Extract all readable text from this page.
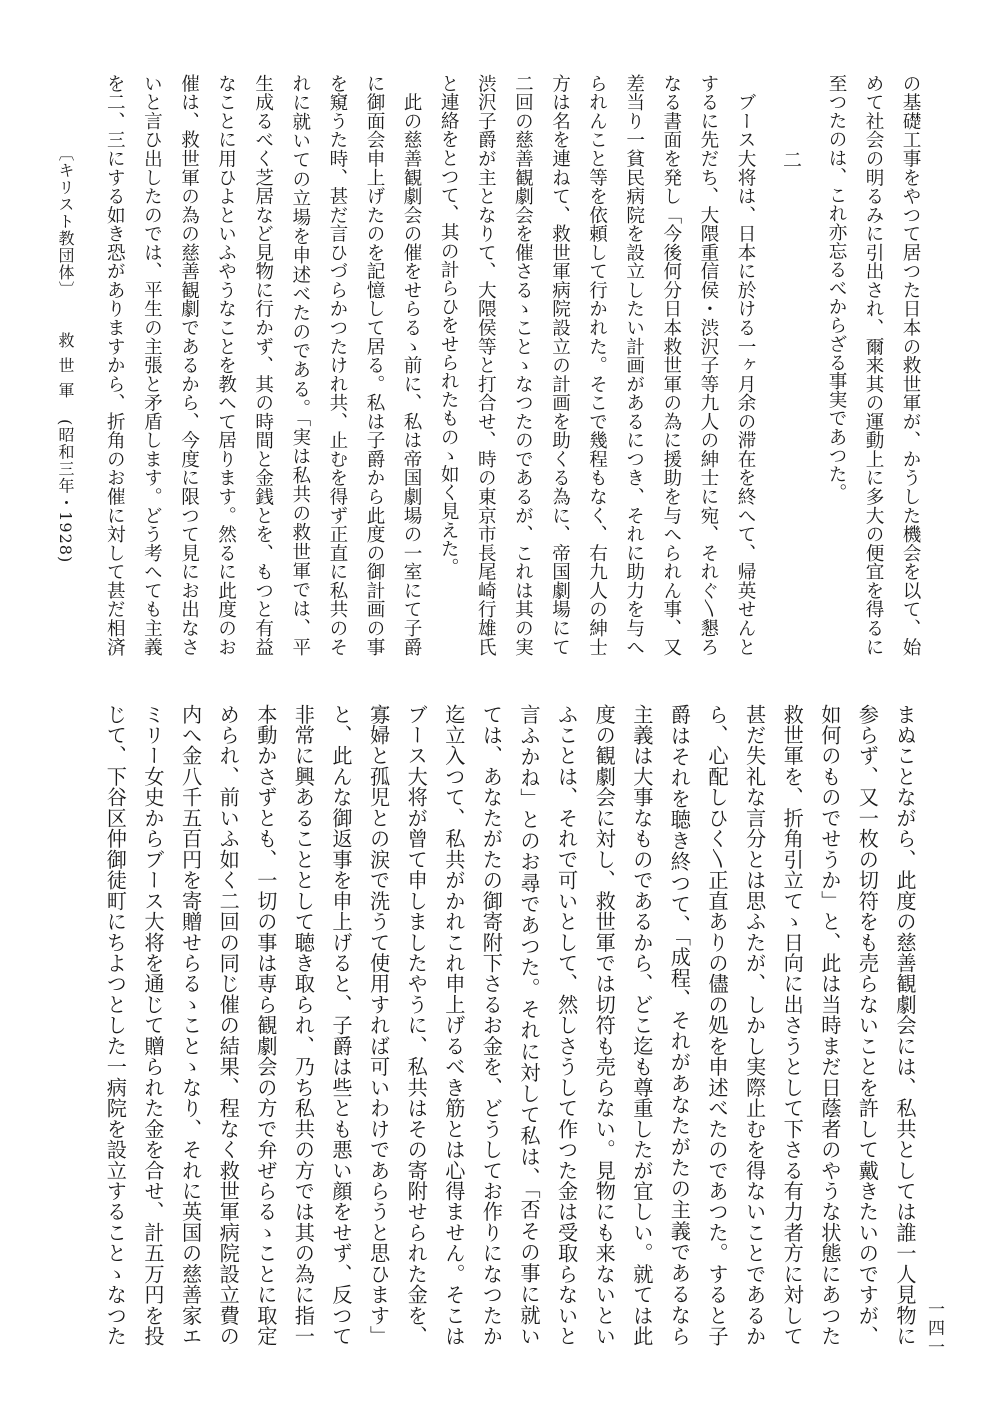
の基礎工事をやつて居つた日本の救世軍が、かうした機会を以て、始
めて社会の明るみに引出され、爾来其の運動上に多大の便宜を得るに
至つたのは、これ亦忘るべからざる事実であつた。
　ブース大将は、日本に於ける一ヶ月余の滞在を終へて、帰英せんと
するに先だち、大隈重信侯・渋沢子等九人の紳士に宛、それぐ〵懇ろ
なる書面を発し「今後何分日本救世軍の為に援助を与へられん事、又
差当り一貧民病院を設立したい計画があるにつき、それに助力を与へ
られんこと等を依頼して行かれた。そこで幾程もなく、右九人の紳士
方は名を連ねて、救世軍病院設立の計画を助くる為に、帝国劇場にて
二回の慈善観劇会を催さるゝことゝなつたのであるが、これは其の実
渋沢子爵が主となりて、大隈侯等と打合せ、時の東京市長尾崎行雄氏
と連絡をとつて、其の計らひをせられたものゝ如く見えた。
　此の慈善観劇会の催をせらるゝ前に、私は帝国劇場の一室にて子爵
に御面会申上げたのを記憶して居る。私は子爵から此度の御計画の事
を窺うた時、甚だ言ひづらかつたけれ共、止むを得ず正直に私共のそ
れに就いての立場を申述べたのである。「実は私共の救世軍では、平
生成るべく芝居など見物に行かず、其の時間と金銭とを、もつと有益
なことに用ひよといふやうなことを教へて居ります。然るに此度のお
催は、救世軍の為の慈善観劇であるから、今度に限つて見にお出なさ
いと言ひ出したのでは、平生の主張と矛盾します。どう考へても主義
を二、三にする如き恐がありますから、折角のお催に対して甚だ相済	二
まぬことながら、此度の慈善観劇会には、私共としては誰一人見物に
参らず、又一枚の切符をも売らないことを許して戴きたいのですが、
如何のものでせうか」と、此は当時まだ日蔭者のやうな状態にあつた
救世軍を、折角引立てゝ日向に出さうとして下さる有力者方に対して
甚だ失礼な言分とは思ふたが、しかし実際止むを得ないことであるか
ら、心配しひく〵正直ありの儘の処を申述べたのであつた。すると子
爵はそれを聴き終つて、「成程、それがあなたがたの主義であるなら
主義は大事なものであるから、どこ迄も尊重したが宜しい。就ては此
度の観劇会に対し、救世軍では切符も売らない。見物にも来ないとい
ふことは、それで可いとして、然しさうして作つた金は受取らないと
言ふかね」とのお尋であつた。それに対して私は、「否その事に就い
ては、あなたがたの御寄附下さるお金を、どうしてお作りになつたか
迄立入つて、私共がかれこれ申上げるべき筋とは心得ません。そこは
ブース大将が曾て申しましたやうに、私共はその寄附せられた金を、
寡婦と孤児との涙で洗うて使用すれば可いわけであらうと思ひます」
と、此んな御返事を申上げると、子爵は些とも悪い顔をせず、反つて
非常に興あることとして聴き取られ、乃ち私共の方では其の為に指一
本動かさずとも、一切の事は専ら観劇会の方で弁ぜらるゝことに取定
められ、前いふ如く二回の同じ催の結果、程なく救世軍病院設立費の
内へ金八千五百円を寄贈せらるゝことゝなり、それに英国の慈善家エ
ミリー女史からブース大将を通じて贈られた金を合せ、計五万円を投
じて、下谷区仲御徒町にちよつとした一病院を設立することゝなつた
〔キリスト教団体〕救世軍(昭和三年・1928)
一四一
